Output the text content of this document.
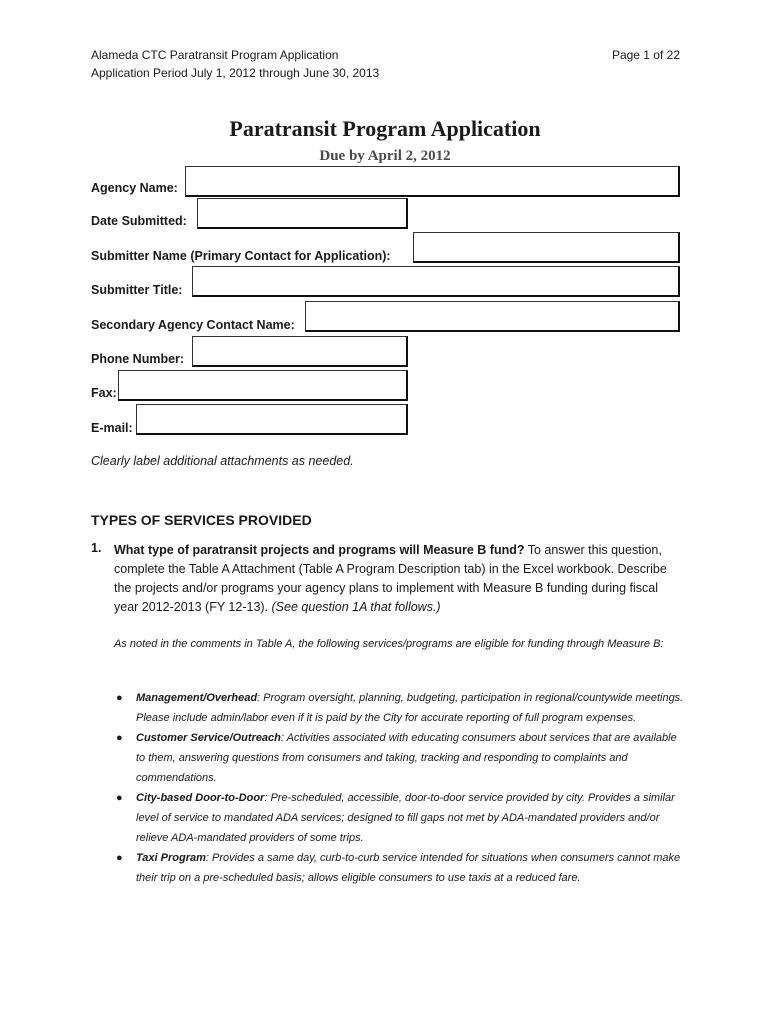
Alameda CTC Paratransit Program Application
Application Period July 1, 2012 through June 30, 2013
Page 1 of 22
Paratransit Program Application
Due by April 2, 2012
Agency Name:
Date Submitted:
Submitter Name (Primary Contact for Application):
Submitter Title:
Secondary Agency Contact Name:
Phone Number:
Fax:
E-mail:
Clearly label additional attachments as needed.
TYPES OF SERVICES PROVIDED
1. What type of paratransit projects and programs will Measure B fund? To answer this question, complete the Table A Attachment (Table A Program Description tab) in the Excel workbook. Describe the projects and/or programs your agency plans to implement with Measure B funding during fiscal year 2012-2013 (FY 12-13). (See question 1A that follows.)
As noted in the comments in Table A, the following services/programs are eligible for funding through Measure B:
● Management/Overhead: Program oversight, planning, budgeting, participation in regional/countywide meetings. Please include admin/labor even if it is paid by the City for accurate reporting of full program expenses.
● Customer Service/Outreach: Activities associated with educating consumers about services that are available to them, answering questions from consumers and taking, tracking and responding to complaints and commendations.
● City-based Door-to-Door: Pre-scheduled, accessible, door-to-door service provided by city. Provides a similar level of service to mandated ADA services; designed to fill gaps not met by ADA-mandated providers and/or relieve ADA-mandated providers of some trips.
● Taxi Program: Provides a same day, curb-to-curb service intended for situations when consumers cannot make their trip on a pre-scheduled basis; allows eligible consumers to use taxis at a reduced fare.
